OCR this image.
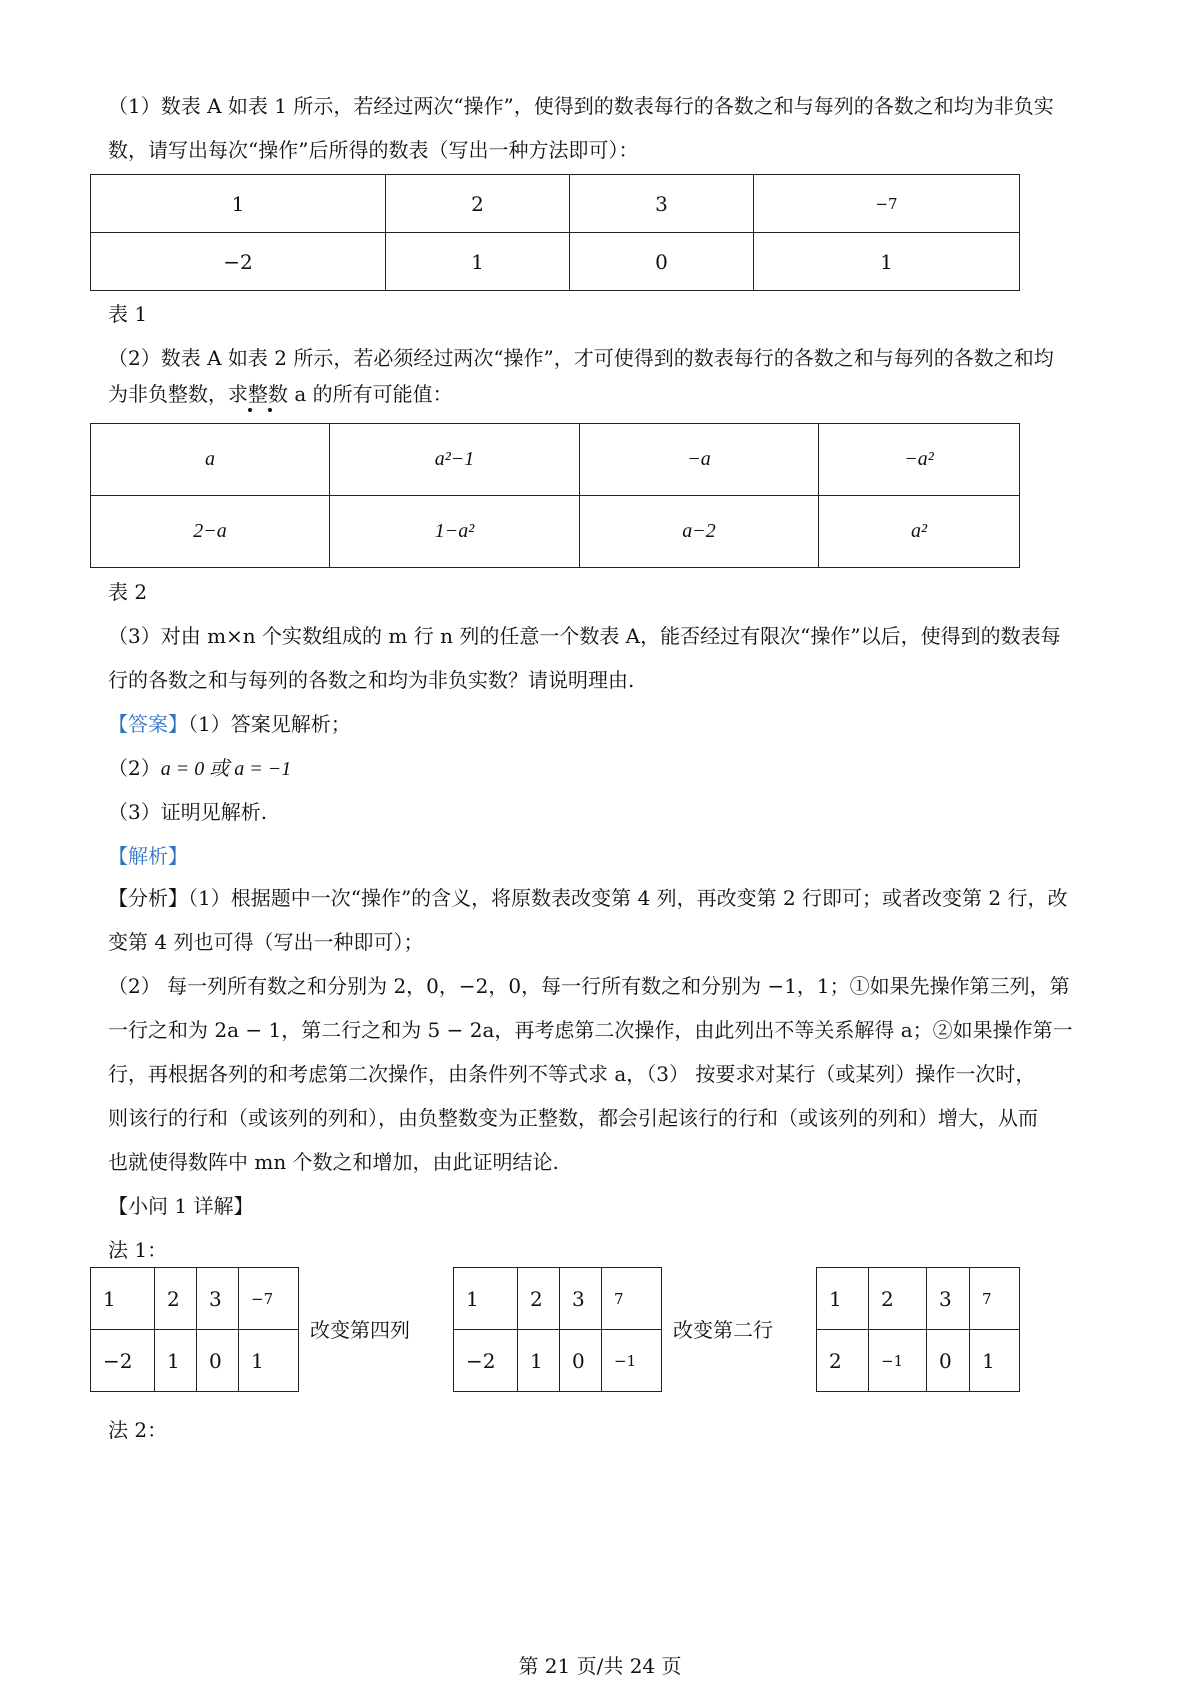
（1）数表 A 如表 1 所示，若经过两次“操作”，使得到的数表每行的各数之和与每列的各数之和均为非负实
数，请写出每次“操作”后所得的数表（写出一种方法即可）：
1	2	3	−7
−2	1	0	1
表 1
（2）数表 A 如表 2 所示，若必须经过两次“操作”，才可使得到的数表每行的各数之和与每列的各数之和均
为非负整数，求整数 a 的所有可能值：
a	a²−1	−a	−a²
2−a	1−a²	a−2	a²
表 2
（3）对由 m×n 个实数组成的 m 行 n 列的任意一个数表 A，能否经过有限次“操作”以后，使得到的数表每
行的各数之和与每列的各数之和均为非负实数？请说明理由.
【答案】（1）答案见解析；
（2）a = 0 或 a = −1
（3）证明见解析.
【解析】
【分析】（1）根据题中一次“操作”的含义，将原数表改变第 4 列，再改变第 2 行即可；或者改变第 2 行，改
变第 4 列也可得（写出一种即可）；
（2） 每一列所有数之和分别为 2，0，−2，0，每一行所有数之和分别为 −1，1；①如果先操作第三列，第
一行之和为 2a − 1，第二行之和为 5 − 2a，再考虑第二次操作，由此列出不等关系解得 a；②如果操作第一
行，再根据各列的和考虑第二次操作，由条件列不等式求 a，（3） 按要求对某行（或某列）操作一次时，
则该行的行和（或该列的列和），由负整数变为正整数，都会引起该行的行和（或该列的列和）增大，从而
也就使得数阵中 mn 个数之和增加，由此证明结论.
【小问 1 详解】
法 1：
1	2	3	−7
−2	1	0	1
改变第四列
1	2	3	7
−2	1	0	−1
改变第二行
1	2	3	7
2	−1	0	1
法 2：
第 21 页/共 24 页
